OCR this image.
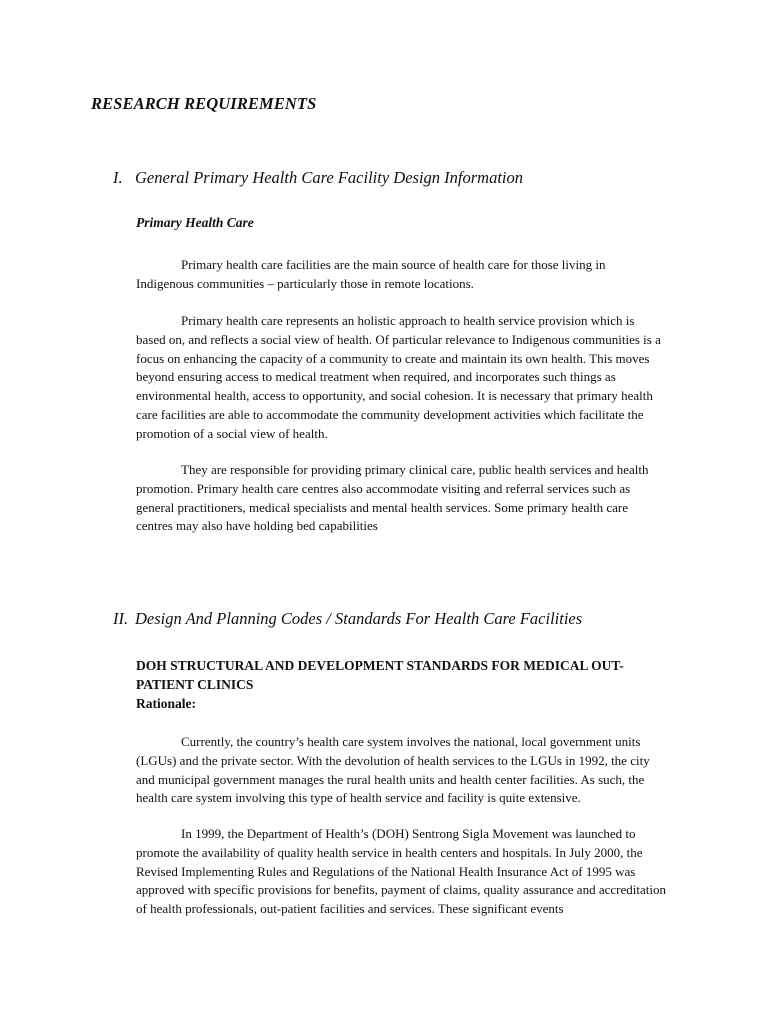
RESEARCH REQUIREMENTS
I. General Primary Health Care Facility Design Information
Primary Health Care

Primary health care facilities are the main source of health care for those living in Indigenous communities – particularly those in remote locations.

Primary health care represents an holistic approach to health service provision which is based on, and reflects a social view of health. Of particular relevance to Indigenous communities is a focus on enhancing the capacity of a community to create and maintain its own health. This moves beyond ensuring access to medical treatment when required, and incorporates such things as environmental health, access to opportunity, and social cohesion. It is necessary that primary health care facilities are able to accommodate the community development activities which facilitate the promotion of a social view of health.

They are responsible for providing primary clinical care, public health services and health promotion. Primary health care centres also accommodate visiting and referral services such as general practitioners, medical specialists and mental health services. Some primary health care centres may also have holding bed capabilities

II. Design And Planning Codes / Standards For Health Care Facilities
DOH STRUCTURAL AND DEVELOPMENT STANDARDS FOR MEDICAL OUT-PATIENT CLINICS
Rationale:

Currently, the country’s health care system involves the national, local government units (LGUs) and the private sector. With the devolution of health services to the LGUs in 1992, the city and municipal government manages the rural health units and health center facilities. As such, the health care system involving this type of health service and facility is quite extensive.

In 1999, the Department of Health’s (DOH) Sentrong Sigla Movement was launched to promote the availability of quality health service in health centers and hospitals. In July 2000, the Revised Implementing Rules and Regulations of the National Health Insurance Act of 1995 was approved with specific provisions for benefits, payment of claims, quality assurance and accreditation of health professionals, out-patient facilities and services. These significant events
